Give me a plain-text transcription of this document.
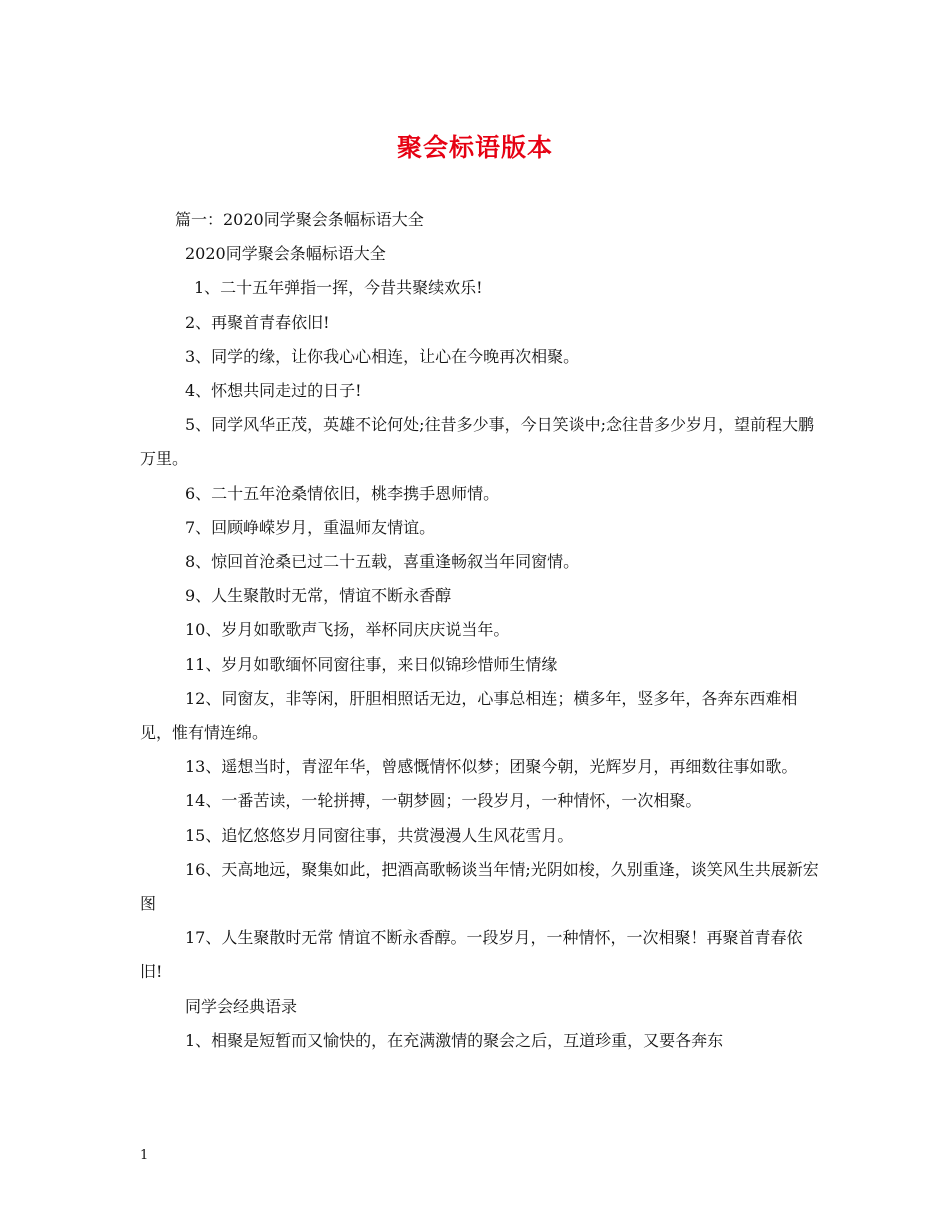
聚会标语版本

篇一：2020同学聚会条幅标语大全

2020同学聚会条幅标语大全

1、二十五年弹指一挥，今昔共聚续欢乐!

2、再聚首青春依旧!

3、同学的缘，让你我心心相连，让心在今晚再次相聚。

4、怀想共同走过的日子!

5、同学风华正茂，英雄不论何处;往昔多少事，今日笑谈中;念往昔多少岁月，望前程大鹏万里。

6、二十五年沧桑情依旧，桃李携手恩师情。

7、回顾峥嵘岁月，重温师友情谊。

8、惊回首沧桑已过二十五载，喜重逢畅叙当年同窗情。

9、人生聚散时无常，情谊不断永香醇

10、岁月如歌歌声飞扬，举杯同庆庆说当年。

11、岁月如歌缅怀同窗往事，来日似锦珍惜师生情缘

12、同窗友，非等闲，肝胆相照话无边，心事总相连；横多年，竖多年，各奔东西难相见，惟有情连绵。

13、遥想当时，青涩年华，曾感慨情怀似梦；团聚今朝，光辉岁月，再细数往事如歌。

14、一番苦读，一轮拼搏，一朝梦圆；一段岁月，一种情怀，一次相聚。

15、追忆悠悠岁月同窗往事，共赏漫漫人生风花雪月。

16、天高地远，聚集如此，把酒高歌畅谈当年情;光阴如梭，久别重逢，谈笑风生共展新宏图

17、人生聚散时无常 情谊不断永香醇。一段岁月，一种情怀，一次相聚！再聚首青春依旧!

同学会经典语录

1、相聚是短暂而又愉快的，在充满激情的聚会之后，互道珍重，又要各奔东

1
